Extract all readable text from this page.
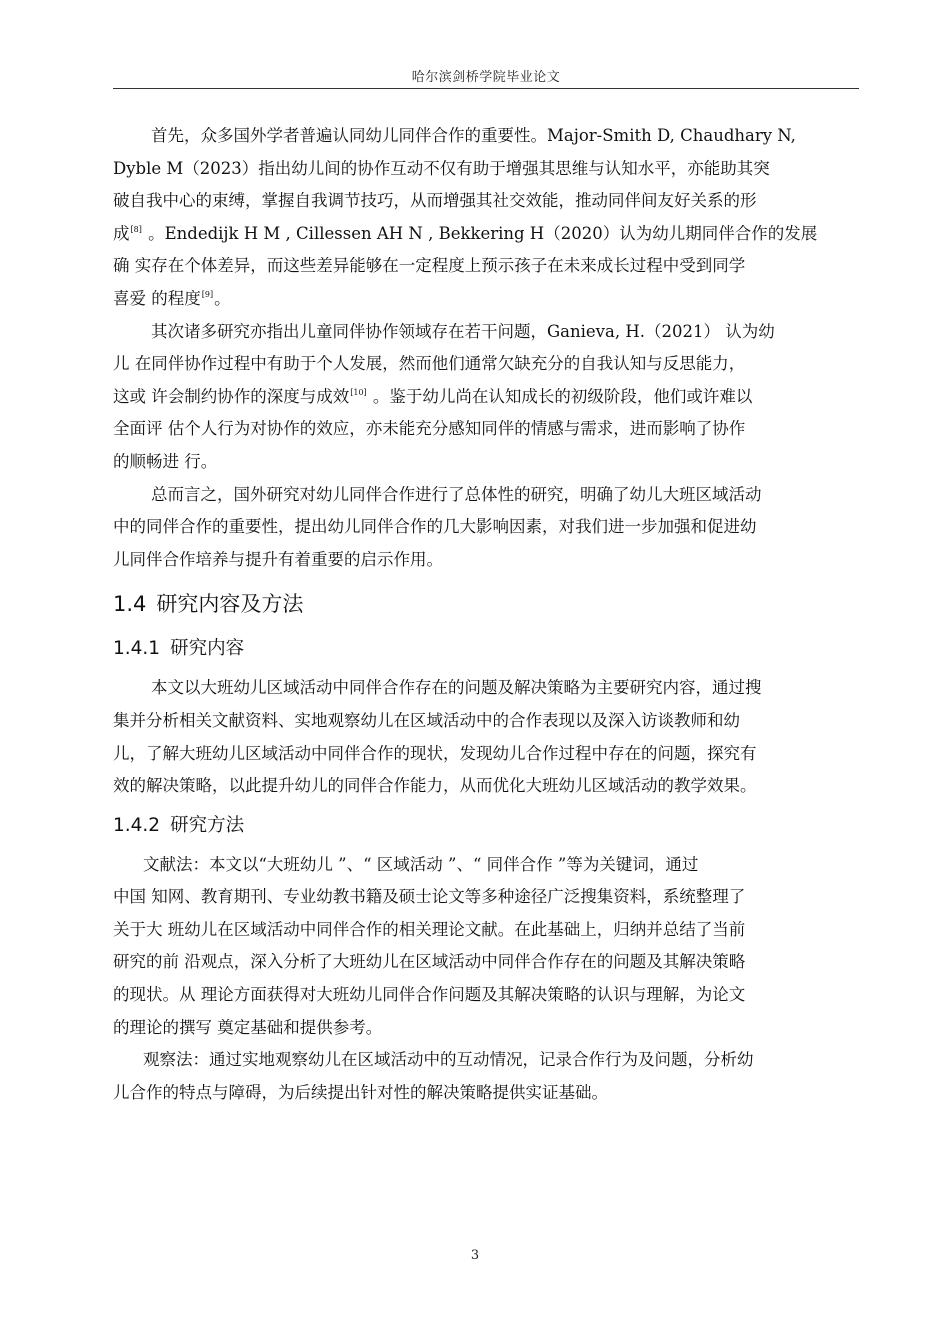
哈尔滨剑桥学院毕业论文
首先，众多国外学者普遍认同幼儿同伴合作的重要性。Major-Smith D, Chaudhary N,
Dyble M（2023）指出幼儿间的协作互动不仅有助于增强其思维与认知水平，亦能助其突
破自我中心的束缚，掌握自我调节技巧，从而增强其社交效能，推动同伴间友好关系的形
成[8] 。Endedijk H M , Cillessen AH N , Bekkering H（2020）认为幼儿期同伴合作的发展
确 实存在个体差异，而这些差异能够在一定程度上预示孩子在未来成长过程中受到同学
喜爱 的程度[9]。
其次诸多研究亦指出儿童同伴协作领域存在若干问题，Ganieva, H.（2021） 认为幼
儿 在同伴协作过程中有助于个人发展，然而他们通常欠缺充分的自我认知与反思能力，
这或 许会制约协作的深度与成效[10] 。鉴于幼儿尚在认知成长的初级阶段，他们或许难以
全面评 估个人行为对协作的效应，亦未能充分感知同伴的情感与需求，进而影响了协作
的顺畅进 行。
总而言之，国外研究对幼儿同伴合作进行了总体性的研究，明确了幼儿大班区域活动
中的同伴合作的重要性，提出幼儿同伴合作的几大影响因素，对我们进一步加强和促进幼
儿同伴合作培养与提升有着重要的启示作用。
1.4 研究内容及方法
1.4.1 研究内容
本文以大班幼儿区域活动中同伴合作存在的问题及解决策略为主要研究内容，通过搜
集并分析相关文献资料、实地观察幼儿在区域活动中的合作表现以及深入访谈教师和幼
儿，了解大班幼儿区域活动中同伴合作的现状，发现幼儿合作过程中存在的问题，探究有
效的解决策略，以此提升幼儿的同伴合作能力，从而优化大班幼儿区域活动的教学效果。
1.4.2 研究方法
文献法：本文以“大班幼儿 ”、“ 区域活动 ”、“ 同伴合作 ”等为关键词，通过
中国 知网、教育期刊、专业幼教书籍及硕士论文等多种途径广泛搜集资料，系统整理了
关于大 班幼儿在区域活动中同伴合作的相关理论文献。在此基础上，归纳并总结了当前
研究的前 沿观点，深入分析了大班幼儿在区域活动中同伴合作存在的问题及其解决策略
的现状。从 理论方面获得对大班幼儿同伴合作问题及其解决策略的认识与理解，为论文
的理论的撰写 奠定基础和提供参考。
观察法：通过实地观察幼儿在区域活动中的互动情况，记录合作行为及问题，分析幼
儿合作的特点与障碍，为后续提出针对性的解决策略提供实证基础。
3
